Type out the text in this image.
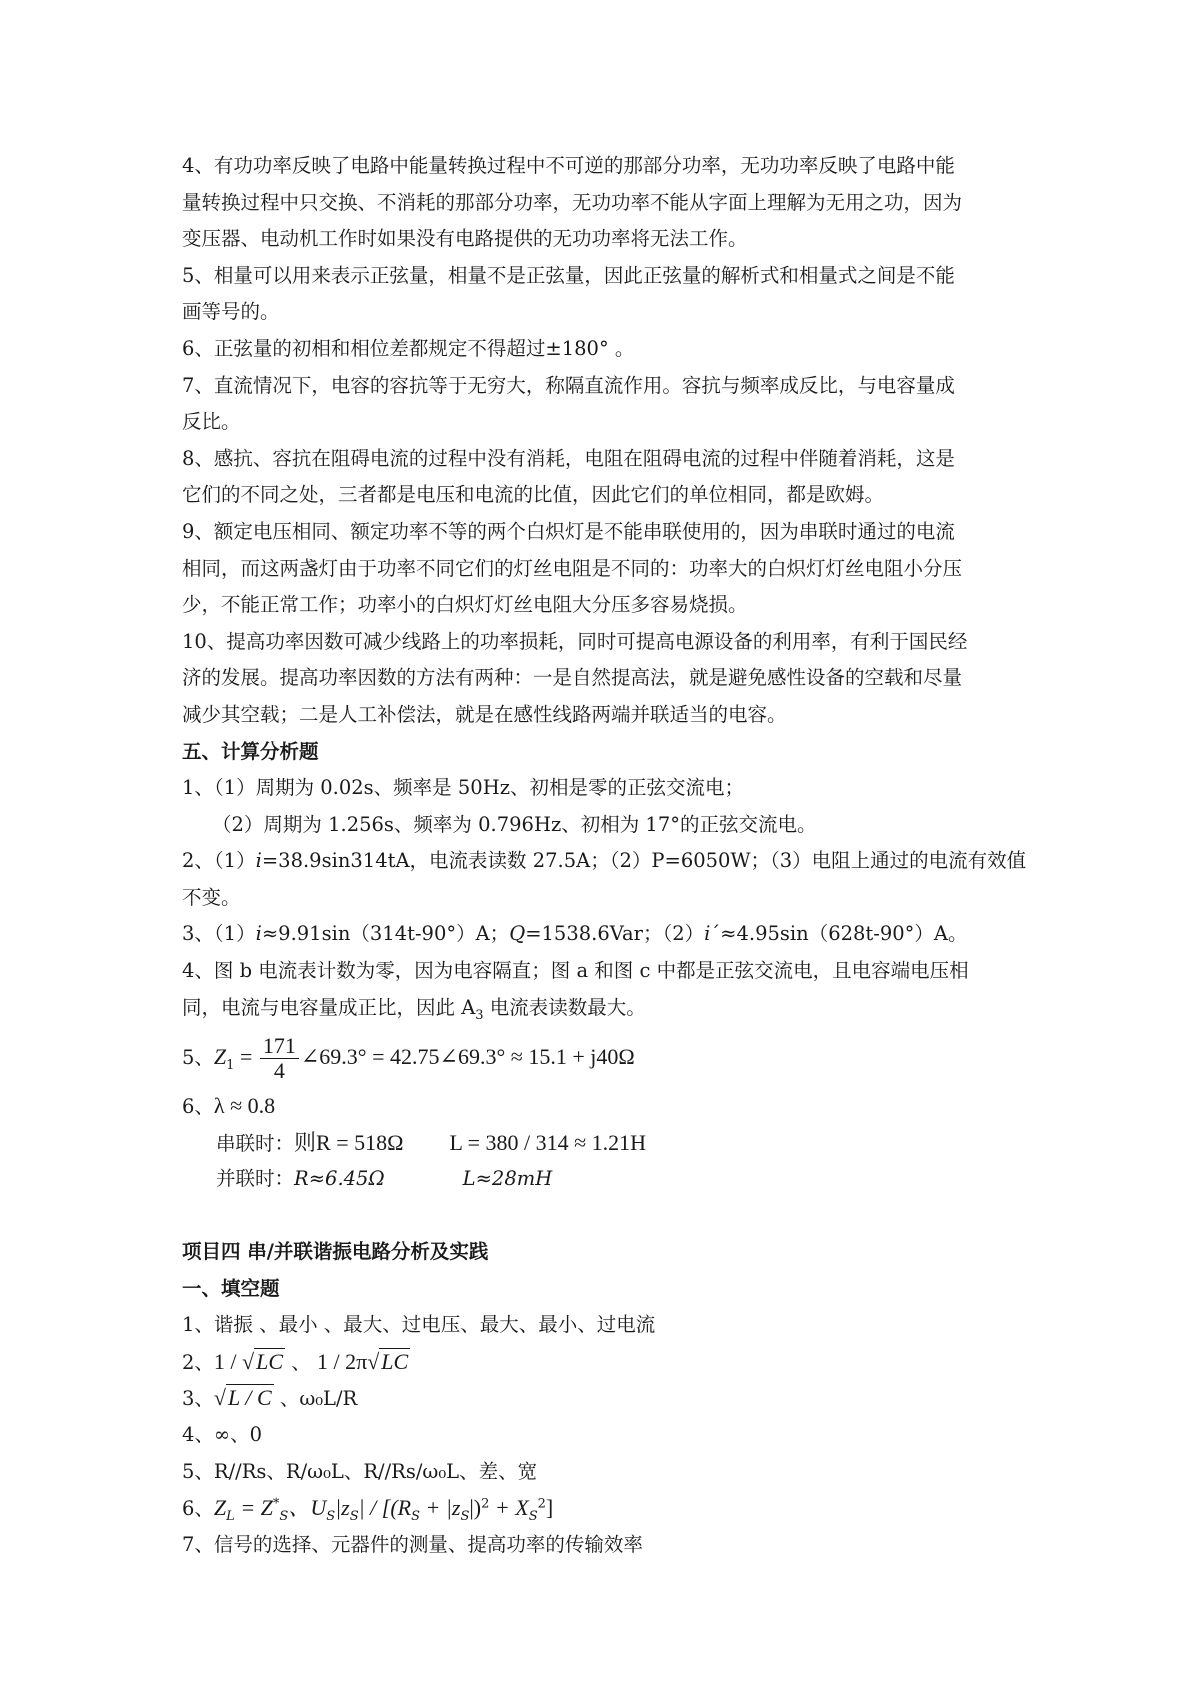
4、有功功率反映了电路中能量转换过程中不可逆的那部分功率，无功功率反映了电路中能
量转换过程中只交换、不消耗的那部分功率，无功功率不能从字面上理解为无用之功，因为
变压器、电动机工作时如果没有电路提供的无功功率将无法工作。
5、相量可以用来表示正弦量，相量不是正弦量，因此正弦量的解析式和相量式之间是不能
画等号的。
6、正弦量的初相和相位差都规定不得超过±180° 。
7、直流情况下，电容的容抗等于无穷大，称隔直流作用。容抗与频率成反比，与电容量成
反比。
8、感抗、容抗在阻碍电流的过程中没有消耗，电阻在阻碍电流的过程中伴随着消耗，这是
它们的不同之处，三者都是电压和电流的比值，因此它们的单位相同，都是欧姆。
9、额定电压相同、额定功率不等的两个白炽灯是不能串联使用的，因为串联时通过的电流
相同，而这两盏灯由于功率不同它们的灯丝电阻是不同的：功率大的白炽灯灯丝电阻小分压
少，不能正常工作；功率小的白炽灯灯丝电阻大分压多容易烧损。
10、提高功率因数可减少线路上的功率损耗，同时可提高电源设备的利用率，有利于国民经
济的发展。提高功率因数的方法有两种：一是自然提高法，就是避免感性设备的空载和尽量
减少其空载；二是人工补偿法，就是在感性线路两端并联适当的电容。
五、计算分析题
1、（1）周期为 0.02s、频率是 50Hz、初相是零的正弦交流电；
（2）周期为 1.256s、频率为 0.796Hz、初相为 17°的正弦交流电。
2、（1）i=38.9sin314tA，电流表读数 27.5A；（2）P=6050W；（3）电阻上通过的电流有效值
不变。
3、（1）i≈9.91sin（314t-90°）A；Q=1538.6Var；（2）i´≈4.95sin（628t-90°）A。
4、图 b 电流表计数为零，因为电容隔直；图 a 和图 c 中都是正弦交流电，且电容端电压相
同，电流与电容量成正比，因此 $A_3$ 电流表读数最大。
5、$Z_1 = \frac{171}{4}$ ∠69.3° = 42.75∠69.3° ≈ 15.1 + j40Ω
6、λ ≈ 0.8
串联时：则R = 518Ω L = 380 / 314 ≈ 1.21H
并联时：R≈6.45Ω	L≈28mH
项目四 串/并联谐振电路分析及实践
一、填空题
1、谐振 、最小 、最大、过电压、最大、最小、过电流
2、1 / √LC 、 1 / 2π√LC
3、√L / C 、ω₀L/R
4、∞、0
5、R//Rs、R/ω₀L、R//Rs/ω₀L、差、宽
6、$Z_L = Z^*_S$、$U_S|z_S| / [(R_S + |z_S|)^2 + X_S^2]$
7、信号的选择、元器件的测量、提高功率的传输效率
